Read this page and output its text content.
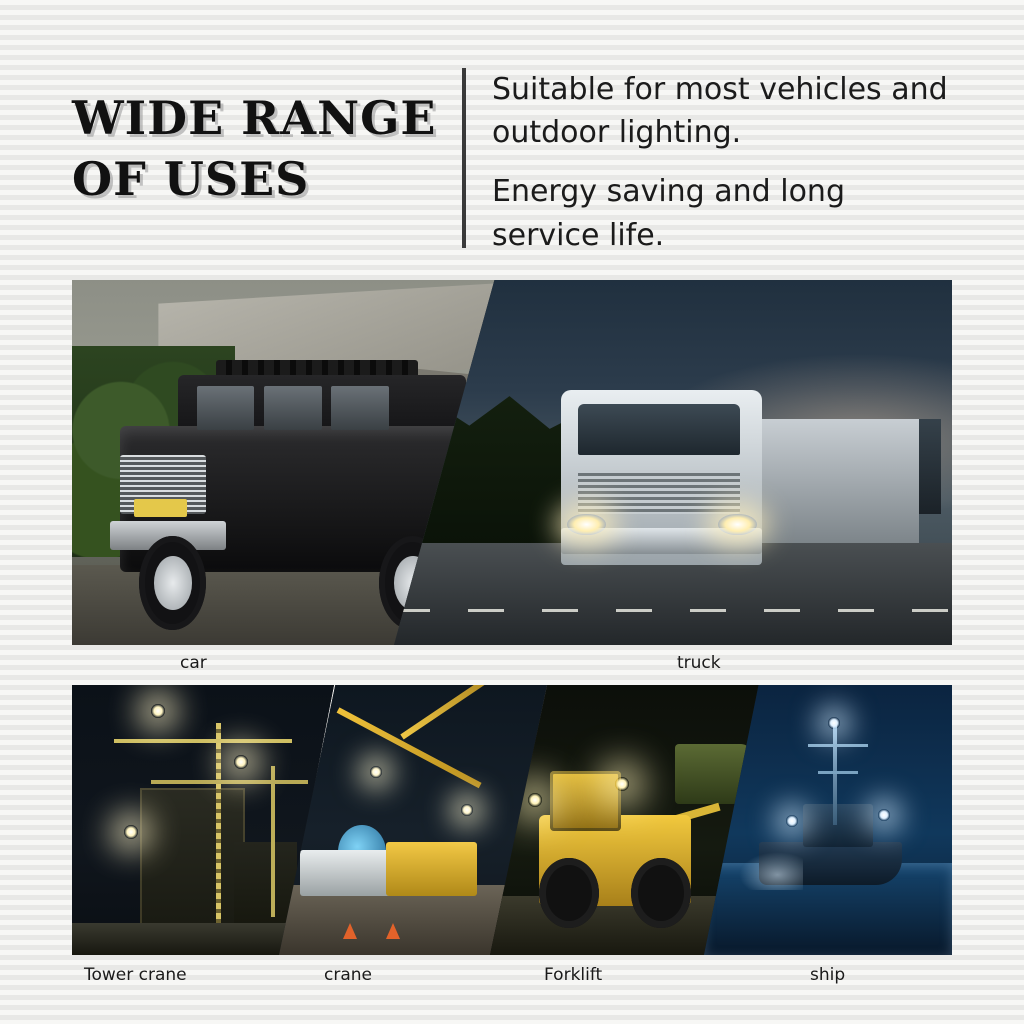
WIDE RANGE
OF USES

Suitable for most vehicles and outdoor lighting.

Energy saving and long service life.

car	truck
Tower crane	crane	Forklift	ship
